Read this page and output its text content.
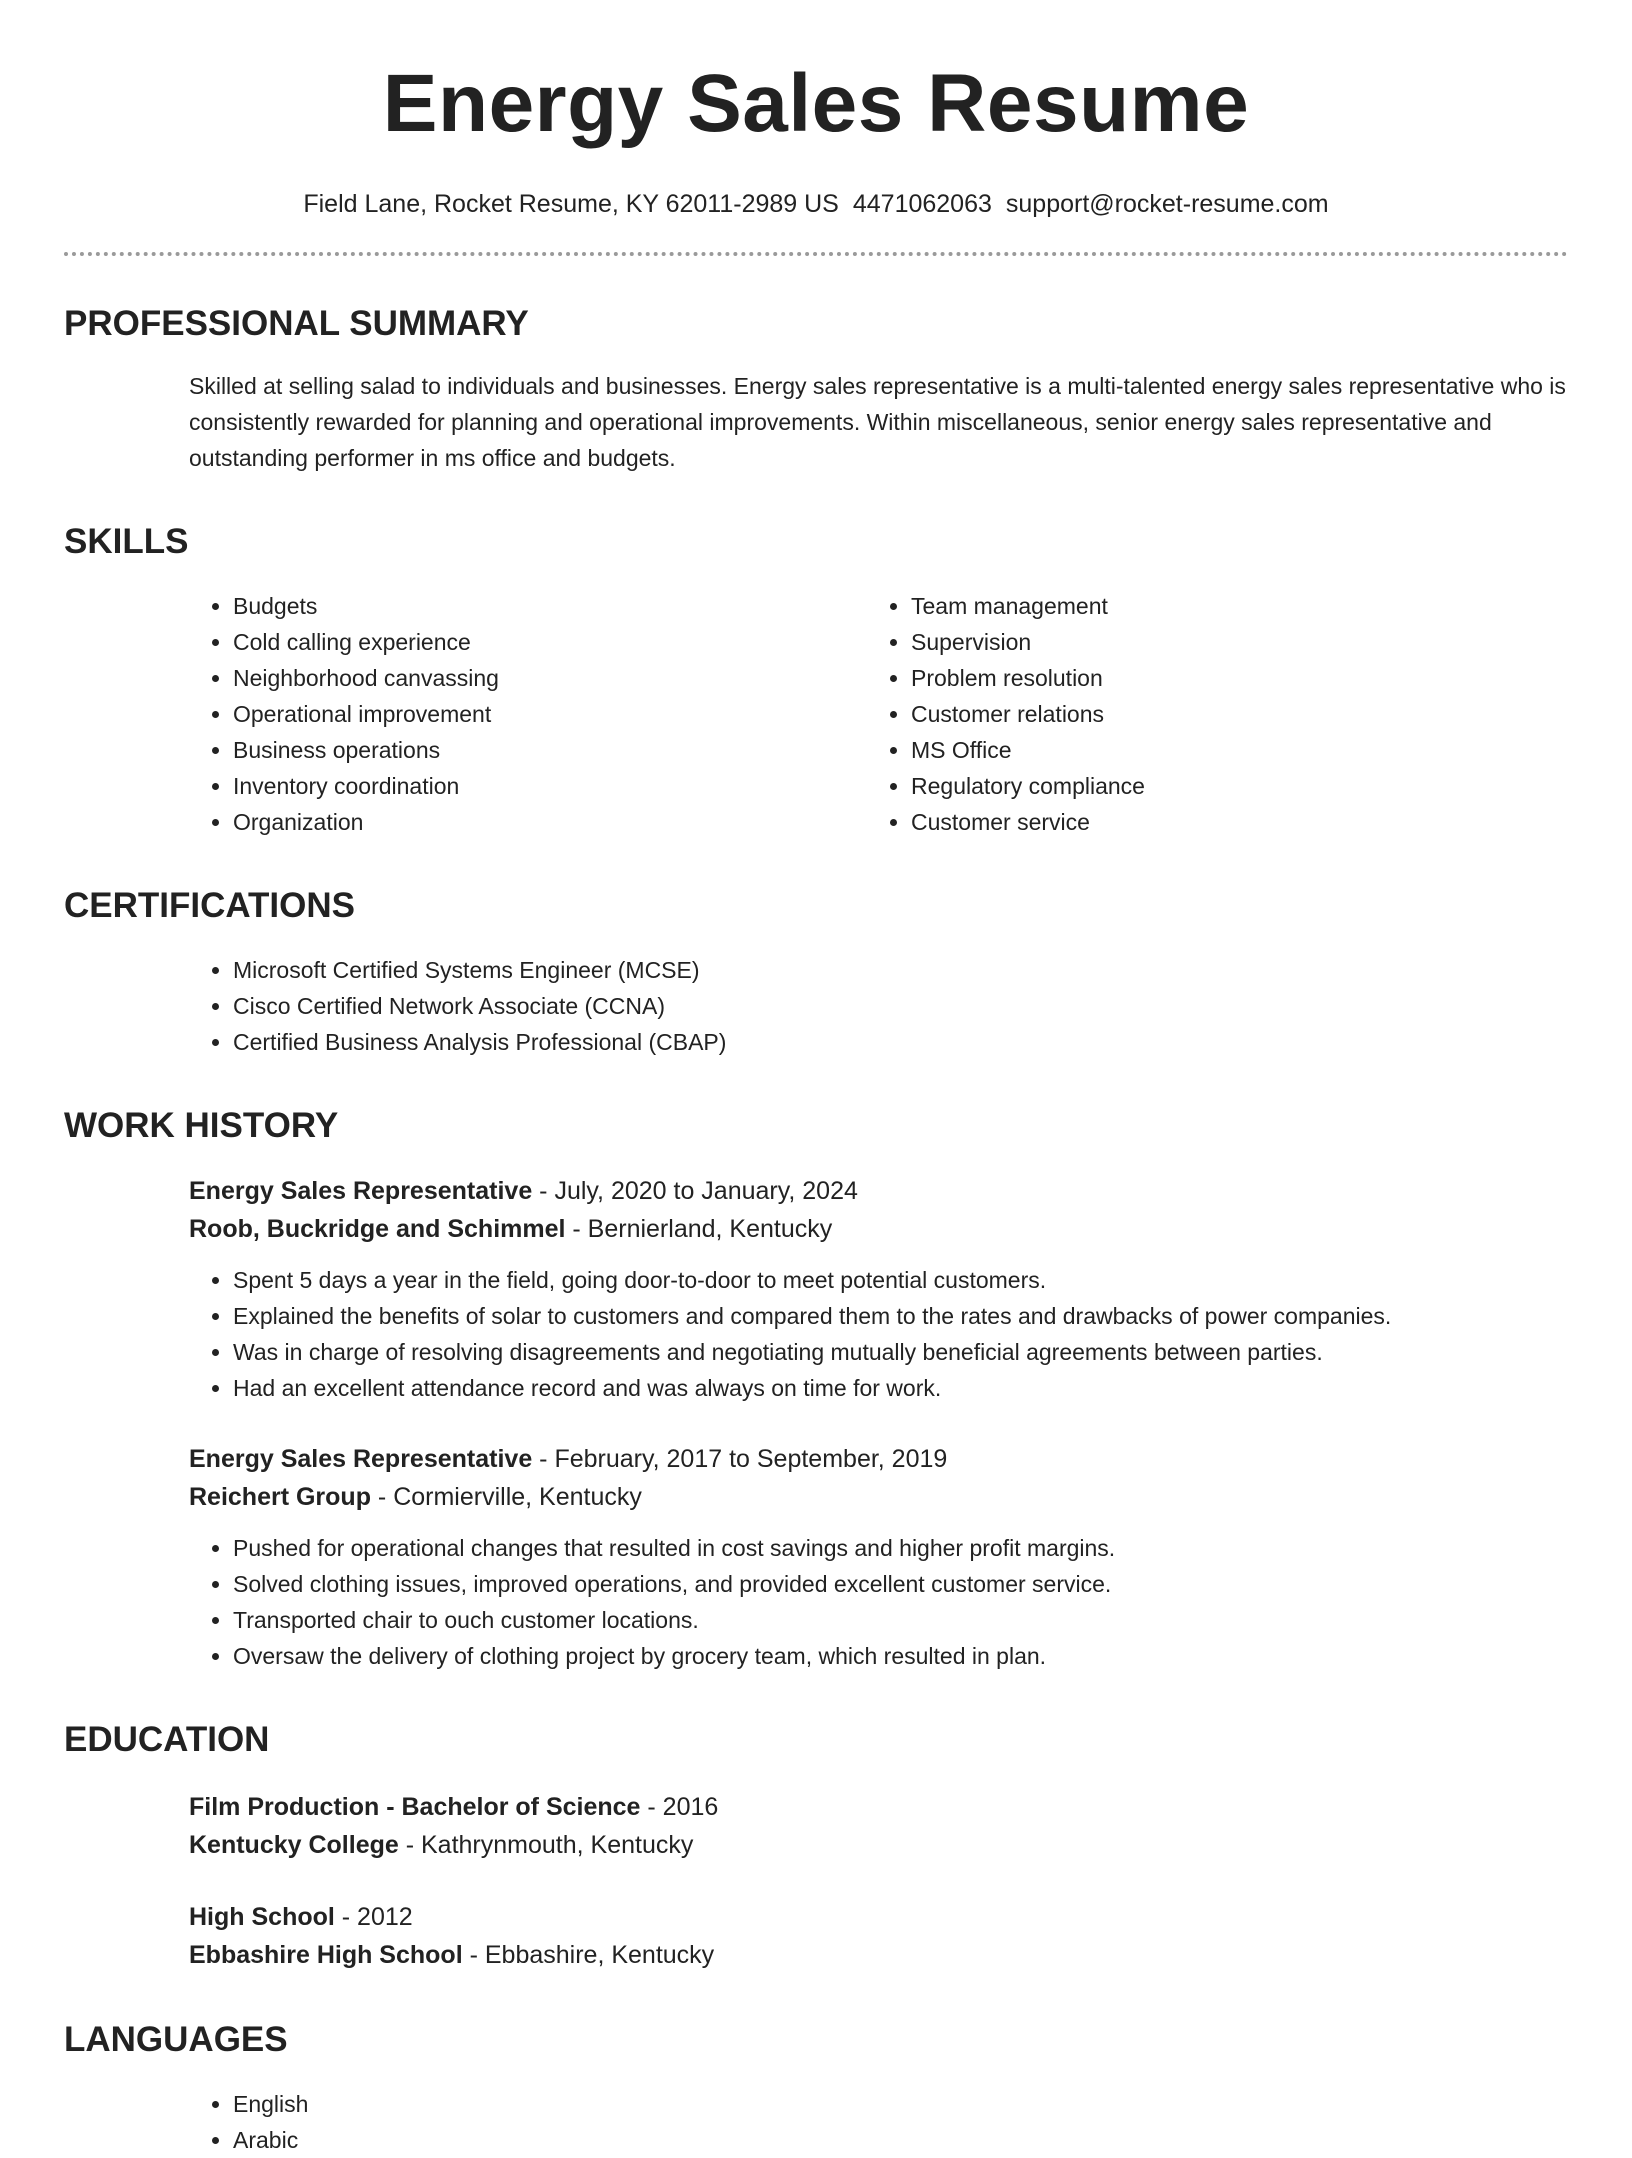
Energy Sales Resume
Field Lane, Rocket Resume, KY 62011-2989 US 4471062063 support@rocket-resume.com
PROFESSIONAL SUMMARY
Skilled at selling salad to individuals and businesses. Energy sales representative is a multi-talented energy sales representative who is consistently rewarded for planning and operational improvements. Within miscellaneous, senior energy sales representative and outstanding performer in ms office and budgets.
SKILLS
• Budgets
• Cold calling experience
• Neighborhood canvassing
• Operational improvement
• Business operations
• Inventory coordination
• Organization
• Team management
• Supervision
• Problem resolution
• Customer relations
• MS Office
• Regulatory compliance
• Customer service
CERTIFICATIONS
• Microsoft Certified Systems Engineer (MCSE)
• Cisco Certified Network Associate (CCNA)
• Certified Business Analysis Professional (CBAP)
WORK HISTORY
Energy Sales Representative - July, 2020 to January, 2024
Roob, Buckridge and Schimmel - Bernierland, Kentucky
• Spent 5 days a year in the field, going door-to-door to meet potential customers.
• Explained the benefits of solar to customers and compared them to the rates and drawbacks of power companies.
• Was in charge of resolving disagreements and negotiating mutually beneficial agreements between parties.
• Had an excellent attendance record and was always on time for work.
Energy Sales Representative - February, 2017 to September, 2019
Reichert Group - Cormierville, Kentucky
• Pushed for operational changes that resulted in cost savings and higher profit margins.
• Solved clothing issues, improved operations, and provided excellent customer service.
• Transported chair to ouch customer locations.
• Oversaw the delivery of clothing project by grocery team, which resulted in plan.
EDUCATION
Film Production - Bachelor of Science - 2016
Kentucky College - Kathrynmouth, Kentucky
High School - 2012
Ebbashire High School - Ebbashire, Kentucky
LANGUAGES
• English
• Arabic
